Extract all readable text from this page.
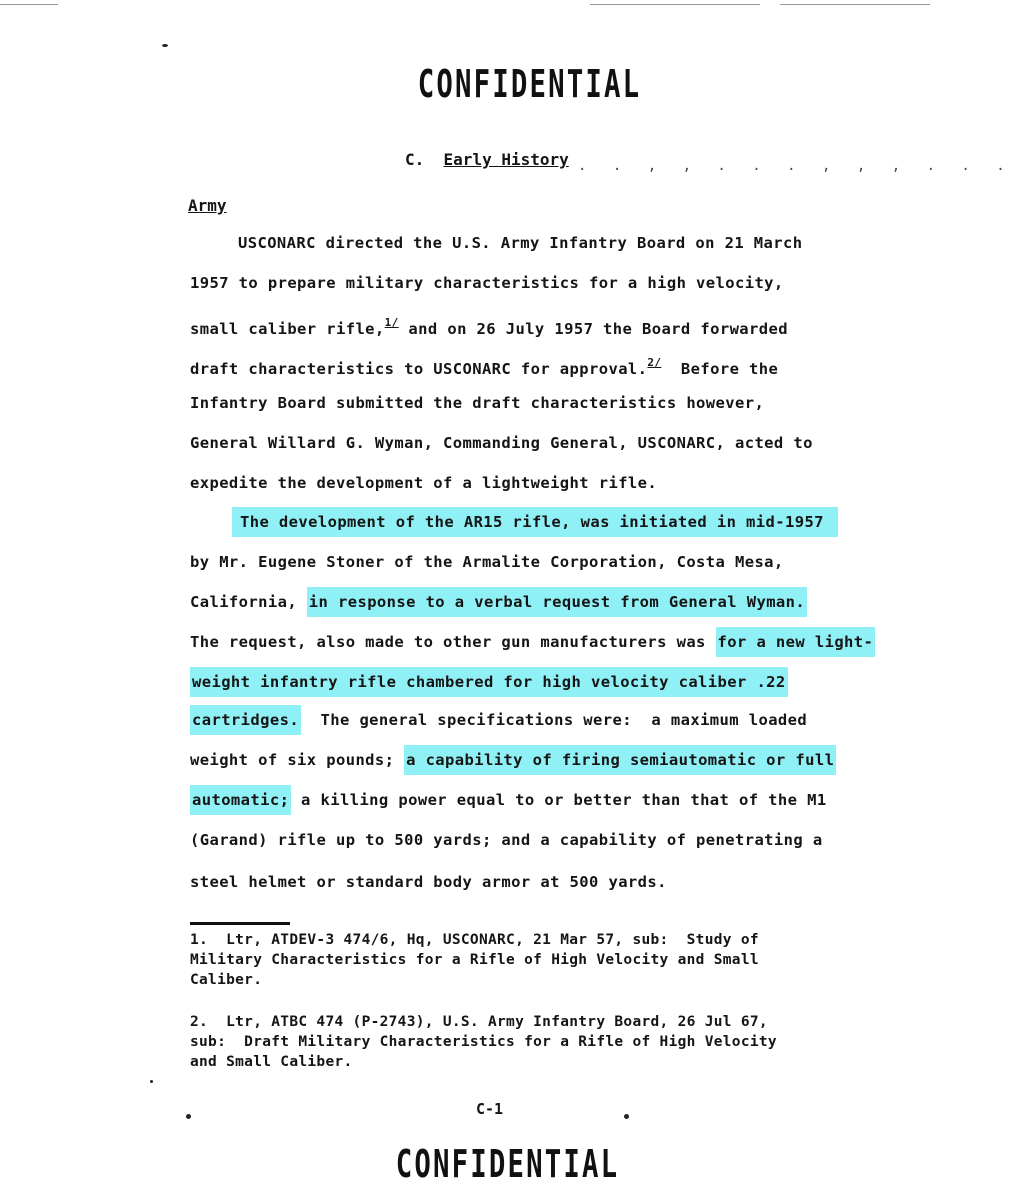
CONFIDENTIAL
C. Early History . . , , . . . , , , . . .
Army
USCONARC directed the U.S. Army Infantry Board on 21 March
1957 to prepare military characteristics for a high velocity,
small caliber rifle,$^{1/}$ and on 26 July 1957 the Board forwarded
draft characteristics to USCONARC for approval.$^{2/}$ Before the
Infantry Board submitted the draft characteristics however,
General Willard G. Wyman, Commanding General, USCONARC, acted to
expedite the development of a lightweight rifle.
The development of the AR15 rifle, was initiated in mid-1957
by Mr. Eugene Stoner of the Armalite Corporation, Costa Mesa,
California, in response to a verbal request from General Wyman.
The request, also made to other gun manufacturers was for a new light-
weight infantry rifle chambered for high velocity caliber .22
cartridges.  The general specifications were:  a maximum loaded
weight of six pounds; a capability of firing semiautomatic or full
automatic; a killing power equal to or better than that of the M1
(Garand) rifle up to 500 yards; and a capability of penetrating a
steel helmet or standard body armor at 500 yards.
1.  Ltr, ATDEV-3 474/6, Hq, USCONARC, 21 Mar 57, sub:  Study of
Military Characteristics for a Rifle of High Velocity and Small
Caliber.
2.  Ltr, ATBC 474 (P-2743), U.S. Army Infantry Board, 26 Jul 67,
sub:  Draft Military Characteristics for a Rifle of High Velocity
and Small Caliber.
C-1
CONFIDENTIAL
